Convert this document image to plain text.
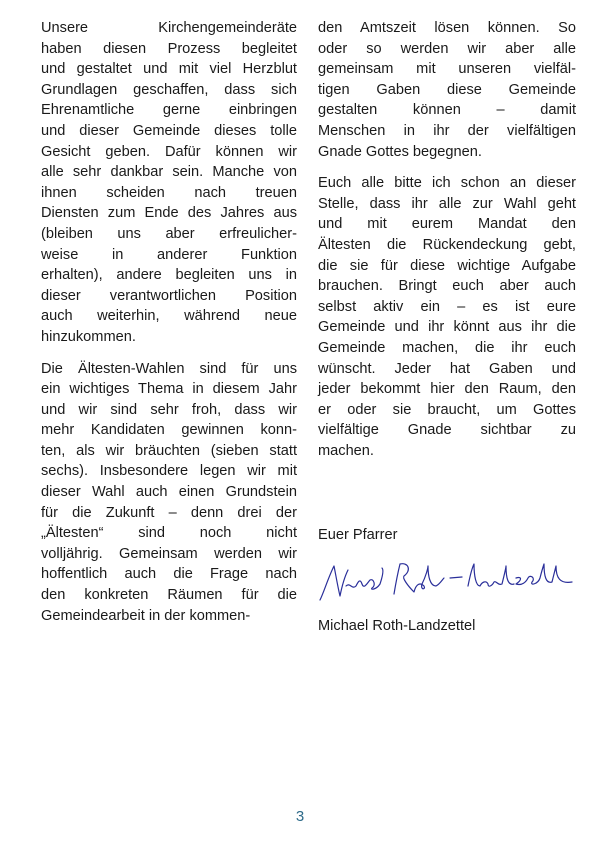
Unsere Kirchengemeinderäte
haben diesen Prozess begleitet
und gestaltet und mit viel Herzblut
Grundlagen geschaffen, dass sich
Ehrenamtliche gerne einbringen
und dieser Gemeinde dieses tolle
Gesicht geben. Dafür können wir
alle sehr dankbar sein. Manche von
ihnen scheiden nach treuen
Diensten zum Ende des Jahres aus
(bleiben uns aber erfreulicher-
weise in anderer Funktion
erhalten), andere begleiten uns in
dieser verantwortlichen Position
auch weiterhin, während neue
hinzukommen.
Die Ältesten-Wahlen sind für uns
ein wichtiges Thema in diesem Jahr
und wir sind sehr froh, dass wir
mehr Kandidaten gewinnen konn-
ten, als wir bräuchten (sieben statt
sechs). Insbesondere legen wir mit
dieser Wahl auch einen Grundstein
für die Zukunft – denn drei der
„Ältesten“ sind noch nicht
volljährig. Gemeinsam werden wir
hoffentlich auch die Frage nach
den konkreten Räumen für die
Gemeindearbeit in der kommen-
den Amtszeit lösen können. So
oder so werden wir aber alle
gemeinsam mit unseren vielfäl-
tigen Gaben diese Gemeinde
gestalten können – damit
Menschen in ihr der vielfältigen
Gnade Gottes begegnen.
Euch alle bitte ich schon an dieser
Stelle, dass ihr alle zur Wahl geht
und mit eurem Mandat den
Ältesten die Rückendeckung gebt,
die sie für diese wichtige Aufgabe
brauchen. Bringt euch aber auch
selbst aktiv ein – es ist eure
Gemeinde und ihr könnt aus ihr die
Gemeinde machen, die ihr euch
wünscht. Jeder hat Gaben und
jeder bekommt hier den Raum, den
er oder sie braucht, um Gottes
vielfältige Gnade sichtbar zu
machen.
Euer Pfarrer
Michael Roth-Landzettel
3
